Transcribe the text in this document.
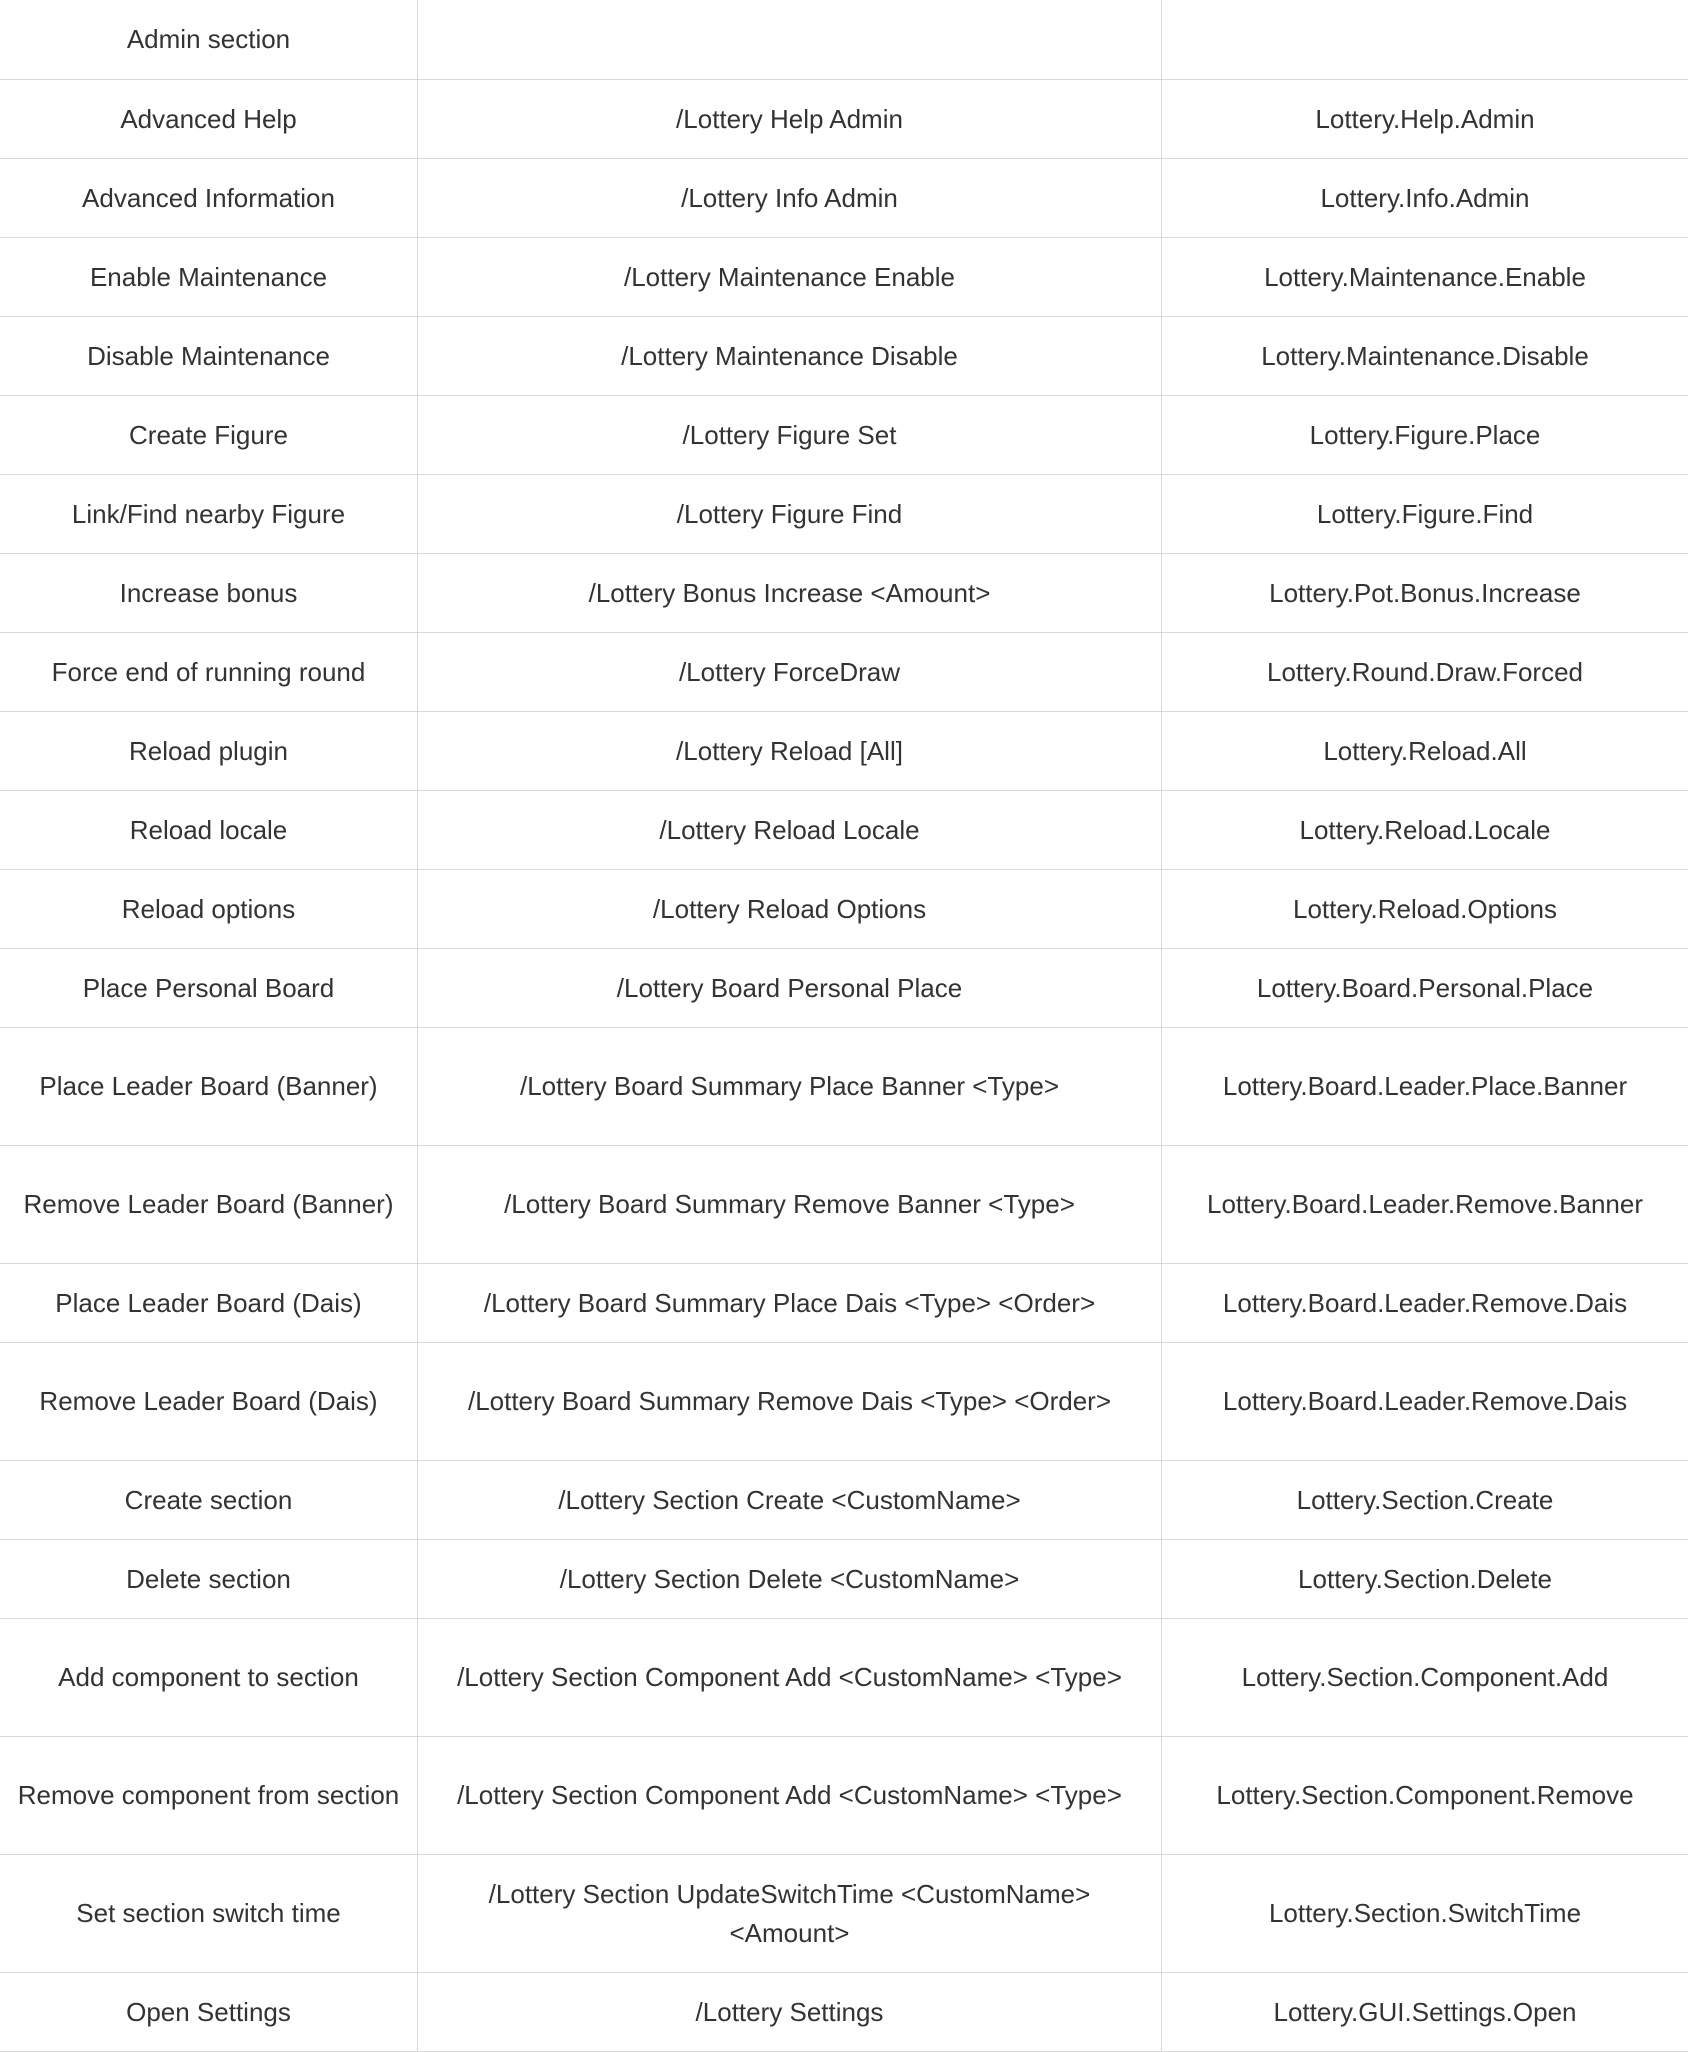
Admin section		
Advanced Help	/Lottery Help Admin	Lottery.Help.Admin
Advanced Information	/Lottery Info Admin	Lottery.Info.Admin
Enable Maintenance	/Lottery Maintenance Enable	Lottery.Maintenance.Enable
Disable Maintenance	/Lottery Maintenance Disable	Lottery.Maintenance.Disable
Create Figure	/Lottery Figure Set	Lottery.Figure.Place
Link/Find nearby Figure	/Lottery Figure Find	Lottery.Figure.Find
Increase bonus	/Lottery Bonus Increase <Amount>	Lottery.Pot.Bonus.Increase
Force end of running round	/Lottery ForceDraw	Lottery.Round.Draw.Forced
Reload plugin	/Lottery Reload [All]	Lottery.Reload.All
Reload locale	/Lottery Reload Locale	Lottery.Reload.Locale
Reload options	/Lottery Reload Options	Lottery.Reload.Options
Place Personal Board	/Lottery Board Personal Place	Lottery.Board.Personal.Place
Place Leader Board (Banner)	/Lottery Board Summary Place Banner <Type>	Lottery.Board.Leader.Place.Banner
Remove Leader Board (Banner)	/Lottery Board Summary Remove Banner <Type>	Lottery.Board.Leader.Remove.Banner
Place Leader Board (Dais)	/Lottery Board Summary Place Dais <Type> <Order>	Lottery.Board.Leader.Remove.Dais
Remove Leader Board (Dais)	/Lottery Board Summary Remove Dais <Type> <Order>	Lottery.Board.Leader.Remove.Dais
Create section	/Lottery Section Create <CustomName>	Lottery.Section.Create
Delete section	/Lottery Section Delete <CustomName>	Lottery.Section.Delete
Add component to section	/Lottery Section Component Add <CustomName> <Type>	Lottery.Section.Component.Add
Remove component from section	/Lottery Section Component Add <CustomName> <Type>	Lottery.Section.Component.Remove
Set section switch time	/Lottery Section UpdateSwitchTime <CustomName> <Amount>	Lottery.Section.SwitchTime
Open Settings	/Lottery Settings	Lottery.GUI.Settings.Open
